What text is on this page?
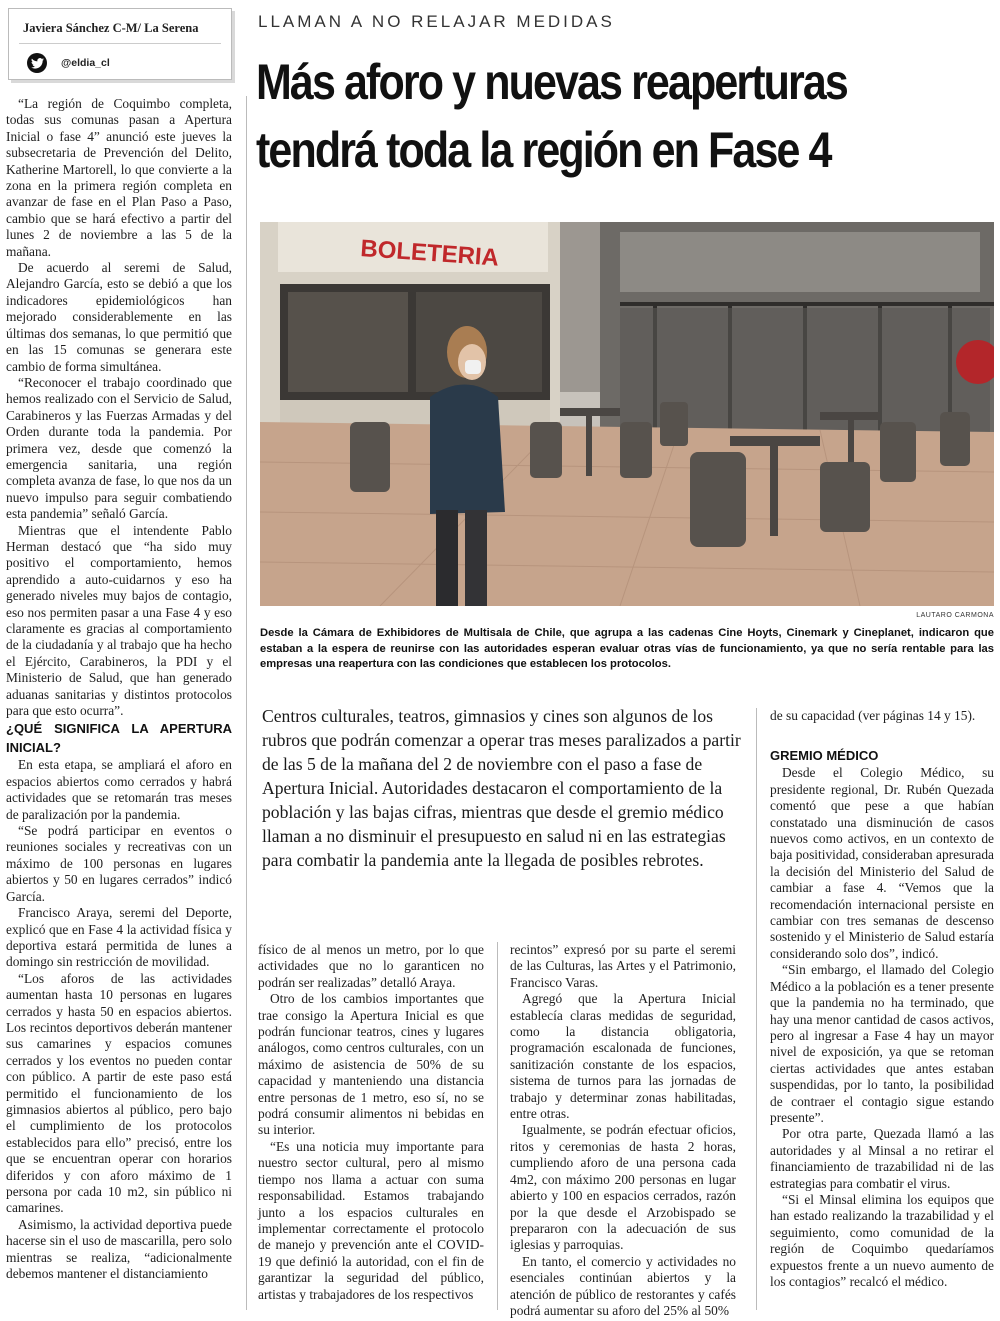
Javiera Sánchez C-M/ La Serena
@eldia_cl
LLAMAN A NO RELAJAR MEDIDAS
Más aforo y nuevas reaperturas
tendrá toda la región en Fase 4
BOLETERIA
LAUTARO CARMONA
Desde la Cámara de Exhibidores de Multisala de Chile, que agrupa a las cadenas Cine Hoyts, Cinemark y Cineplanet, indicaron que estaban a la espera de reunirse con las autoridades esperan evaluar otras vías de funcionamiento, ya que no sería rentable para las empresas una reapertura con las condiciones que establecen los protocolos.
Centros culturales, teatros, gimnasios y cines son algunos de los rubros que podrán comenzar a operar tras meses paralizados a partir de las 5 de la mañana del 2 de noviembre con el paso a fase de Apertura Inicial. Autoridades destacaron el comportamiento de la población y las bajas cifras, mientras que desde el gremio médico llaman a no disminuir el presupuesto en salud ni en las estrategias para combatir la pandemia ante la llegada de posibles rebrotes.

“La región de Coquimbo completa, todas sus comunas pasan a Apertura Inicial o fase 4” anunció este jueves la subsecretaria de Prevención del Delito, Katherine Martorell, lo que convierte a la zona en la primera región completa en avanzar de fase en el Plan Paso a Paso, cambio que se hará efectivo a partir del lunes 2 de noviembre a las 5 de la mañana.

De acuerdo al seremi de Salud, Alejandro García, esto se debió a que los indicadores epidemiológicos han mejorado considerablemente en las últimas dos semanas, lo que permitió que en las 15 comunas se generara este cambio de forma simultánea.

“Reconocer el trabajo coordinado que hemos realizado con el Servicio de Salud, Carabineros y las Fuerzas Armadas y del Orden durante toda la pandemia. Por primera vez, desde que comenzó la emergencia sanitaria, una región completa avanza de fase, lo que nos da un nuevo impulso para seguir combatiendo esta pandemia” señaló García.

Mientras que el intendente Pablo Herman destacó que “ha sido muy positivo el comportamiento, hemos aprendido a auto-cuidarnos y eso ha generado niveles muy bajos de contagio, eso nos permiten pasar a una Fase 4 y eso claramente es gracias al comportamiento de la ciudadanía y al trabajo que ha hecho el Ejército, Carabineros, la PDI y el Ministerio de Salud, que han generado aduanas sanitarias y distintos protocolos para que esto ocurra”.

¿QUÉ SIGNIFICA LA APERTURA INICIAL?

En esta etapa, se ampliará el aforo en espacios abiertos como cerrados y habrá actividades que se retomarán tras meses de paralización por la pandemia.

“Se podrá participar en eventos o reuniones sociales y recreativas con un máximo de 100 personas en lugares abiertos y 50 en lugares cerrados” indicó García.

Francisco Araya, seremi del Deporte, explicó que en Fase 4 la actividad física y deportiva estará permitida de lunes a domingo sin restricción de movilidad.

“Los aforos de las actividades aumentan hasta 10 personas en lugares cerrados y hasta 50 en espacios abiertos. Los recintos deportivos deberán mantener sus camarines y espacios comunes cerrados y los eventos no pueden contar con público. A partir de este paso está permitido el funcionamiento de los gimnasios abiertos al público, pero bajo el cumplimiento de los protocolos establecidos para ello” precisó, entre los que se encuentran operar con horarios diferidos y con aforo máximo de 1 persona por cada 10 m2, sin público ni camarines.

Asimismo, la actividad deportiva puede hacerse sin el uso de mascarilla, pero solo mientras se realiza, “adicionalmente debemos mantener el distanciamiento

físico de al menos un metro, por lo que actividades que no lo garanticen no podrán ser realizadas” detalló Araya.

Otro de los cambios importantes que trae consigo la Apertura Inicial es que podrán funcionar teatros, cines y lugares análogos, como centros culturales, con un máximo de asistencia de 50% de su capacidad y manteniendo una distancia entre personas de 1 metro, eso sí, no se podrá consumir alimentos ni bebidas en su interior.

“Es una noticia muy importante para nuestro sector cultural, pero al mismo tiempo nos llama a actuar con suma responsabilidad. Estamos trabajando junto a los espacios culturales en implementar correctamente el protocolo de manejo y prevención ante el COVID-19 que definió la autoridad, con el fin de garantizar la seguridad del público, artistas y trabajadores de los respectivos

recintos” expresó por su parte el seremi de las Culturas, las Artes y el Patrimonio, Francisco Varas.

Agregó que la Apertura Inicial establecía claras medidas de seguridad, como la distancia obligatoria, programación escalonada de funciones, sanitización constante de los espacios, sistema de turnos para las jornadas de trabajo y determinar zonas habilitadas, entre otras.

Igualmente, se podrán efectuar oficios, ritos y ceremonias de hasta 2 horas, cumpliendo aforo de una persona cada 4m2, con máximo 200 personas en lugar abierto y 100 en espacios cerrados, razón por la que desde el Arzobispado se prepararon con la adecuación de sus iglesias y parroquias.

En tanto, el comercio y actividades no esenciales continúan abiertos y la atención de público de restorantes y cafés podrá aumentar su aforo del 25% al 50%

de su capacidad (ver páginas 14 y 15).

GREMIO MÉDICO

Desde el Colegio Médico, su presidente regional, Dr. Rubén Quezada comentó que pese a que habían constatado una disminución de casos nuevos como activos, en un contexto de baja positividad, consideraban apresurada la decisión del Ministerio del Salud de cambiar a fase 4. “Vemos que la recomendación internacional persiste en cambiar con tres semanas de descenso sostenido y el Ministerio de Salud estaría considerando solo dos”, indicó.

“Sin embargo, el llamado del Colegio Médico a la población es a tener presente que la pandemia no ha terminado, que hay una menor cantidad de casos activos, pero al ingresar a Fase 4 hay un mayor nivel de exposición, ya que se retoman ciertas actividades que antes estaban suspendidas, por lo tanto, la posibilidad de contraer el contagio sigue estando presente”.

Por otra parte, Quezada llamó a las autoridades y al Minsal a no retirar el financiamiento de trazabilidad ni de las estrategias para combatir el virus.

“Si el Minsal elimina los equipos que han estado realizando la trazabilidad y el seguimiento, como comunidad de la región de Coquimbo quedaríamos expuestos frente a un nuevo aumento de los contagios” recalcó el médico.
